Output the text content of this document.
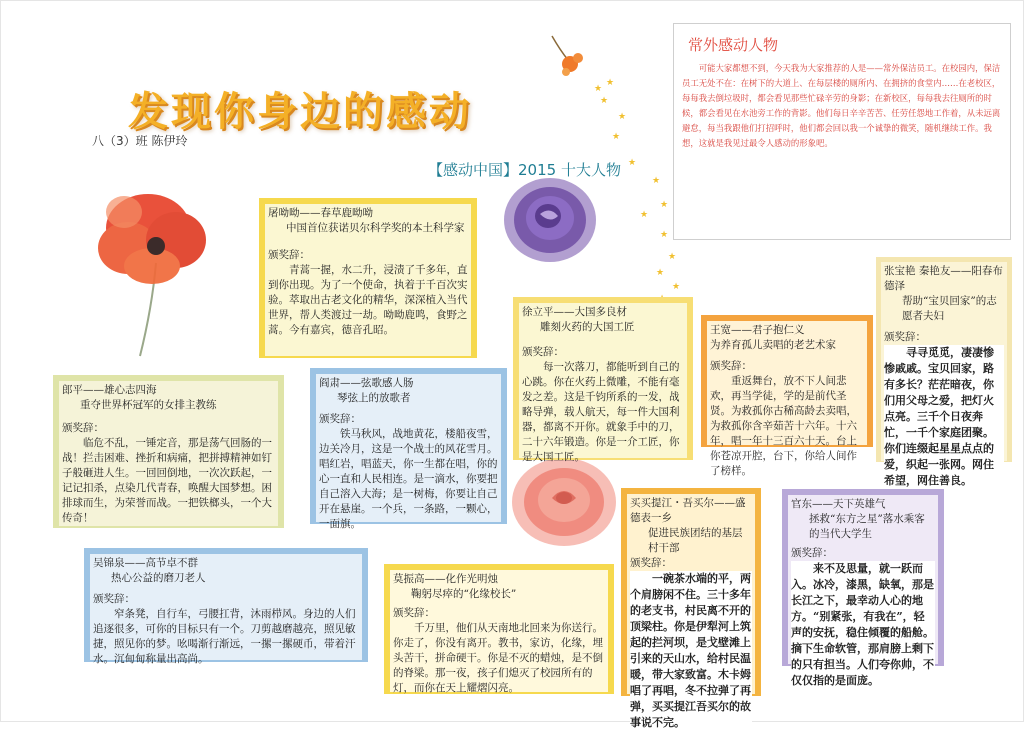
★
★
★
★
★
★
★
★
★
★
★
★
★
发现你身边的感动
八（3）班 陈伊玲
【感动中国】2015 十大人物

屠呦呦——春草鹿呦呦

中国首位获诺贝尔科学奖的本土科学家

颁奖辞：

青蒿一握，水二升，浸渍了千多年，直到你出现。为了一个使命，执着于千百次实验。萃取出古老文化的精华，深深植入当代世界，帮人类渡过一劫。呦呦鹿鸣，食野之蒿。今有嘉宾，德音孔昭。

徐立平——大国多良材

雕刻火药的大国工匠

颁奖辞：

每一次落刀，都能听到自己的心跳。你在火药上微雕，不能有毫发之差。这是千钧所系的一发，战略导弹，载人航天，每一件大国利器，都离不开你。就象手中的刀，二十六年锻造。你是一介工匠，你是大国工匠。

王宽——君子抱仁义

为养育孤儿卖唱的老艺术家

颁奖辞：

重返舞台，放不下人间悲欢，再当学徒，学的是前代圣贤。为救孤你古稀高龄去卖唱，为救孤你含辛茹苦十六年。十六年，唱一年十三百六十天。台上你苍凉开腔，台下，你给人间作了榜样。

张宝艳 秦艳友——阳春布德泽

帮助“宝贝回家”的志愿者夫妇

颁奖辞：

寻寻觅觅，凄凄惨惨戚戚。宝贝回家，路有多长？茫茫暗夜，你们用父母之爱，把灯火点亮。三千个日夜奔忙，一千个家庭团聚。你们连缀起星星点点的爱，织起一张网。网住希望，网住善良。

郎平——雄心志四海

重夺世界杯冠军的女排主教练

颁奖辞：

临危不乱，一锤定音，那是荡气回肠的一战！拦击困难、挫折和病痛，把拼搏精神如钉子般砸进人生。一回回倒地，一次次跃起，一记记扣杀，点染几代青春，唤醒大国梦想。困排球而生，为荣誉而战。一把铁榔头，一个大传奇！

阎肃——弦歌感人肠

琴弦上的放歌者

颁奖辞：

铁马秋风，战地黄花，楼船夜雪，边关冷月，这是一个战士的风花雪月。唱红岩，唱蓝天，你一生都在唱，你的心一直和人民相连。是一滴水，你要把自己溶入大海；是一树梅，你要让自己开在悬崖。一个兵，一条路，一颗心，一面旗。

买买提江・吾买尔——盛德表一乡

促进民族团结的基层村干部

颁奖辞：

一碗茶水端的平，两个肩膀闲不住。三十多年的老支书，村民离不开的顶梁柱。你是伊犁河上筑起的拦河坝，是戈壁滩上引来的天山水，给村民温暖，带大家致富。木卡姆唱了再唱，冬不拉弹了再弹，买买提江吾买尔的故事说不完。

官东——天下英雄气

拯救“东方之星”落水乘客的当代大学生

颁奖辞：

来不及思量，就一跃而入。冰冷，漆黑，缺氧，那是长江之下，最幸动人心的地方。“别紧张，有我在”，轻声的安抚，稳住倾覆的船舱。摘下生命软管，那肩膀上剩下的只有担当。人们夸你帅，不仅仅指的是面庞。

吴锦泉——高节卓不群

热心公益的磨刀老人

颁奖辞：

窄条凳，自行车，弓腰扛背，沐雨栉风。身边的人们追逐很多，可你的目标只有一个。刀剪越磨越亮，照见敏捷，照见你的梦。吆喝渐行渐远，一摞一摞硬币，带着汗水。沉甸甸称量出高尚。

莫振高——化作光明烛

鞠躬尽瘁的“化缘校长”

颁奖辞：

千万里，他们从天南地北回来为你送行。你走了，你没有离开。教书，家访，化缘，埋头苦干，拼命硬干。你是不灭的蜡烛，是不倒的脊梁。那一夜，孩子们熄灭了校园所有的灯，而你在天上耀熠闪亮。

常外感动人物

可能大家都想不到，今天我为大家推荐的人是——常外保洁员工。在校园内，保洁员工无处不在：在树下的大道上、在每层楼的厕所内、在拥挤的食堂内……在老校区，每每我去倒垃圾时，都会看见那些忙碌辛劳的身影；在新校区，每每我去往厕所的时候，都会看见在水池旁工作的背影。他们每日辛辛苦苦、任劳任怨地工作着，从未远离避怠，每当我跟他们打招呼时，他们都会回以我一个诚挚的微笑，随机继续工作。我想，这就是我见过最令人感动的形象吧。
